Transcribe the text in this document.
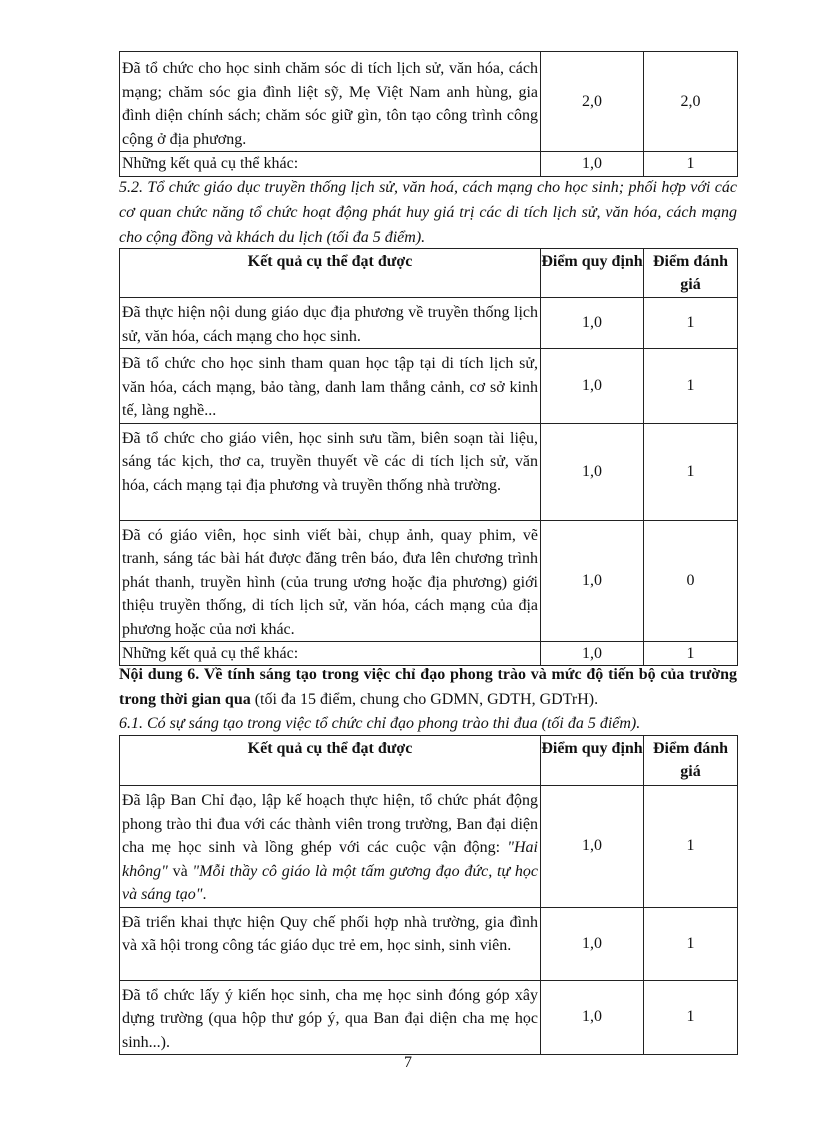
Đã tổ chức cho học sinh chăm sóc di tích lịch sử, văn hóa, cách mạng; chăm sóc gia đình liệt sỹ, Mẹ Việt Nam anh hùng, gia đình diện chính sách; chăm sóc giữ gìn, tôn tạo công trình công cộng ở địa phương.	2,0	2,0
Những kết quả cụ thể khác:	1,0	1
5.2. Tổ chức giáo dục truyền thống lịch sử, văn hoá, cách mạng cho học sinh; phối hợp với các cơ quan chức năng tổ chức hoạt động phát huy giá trị các di tích lịch sử, văn hóa, cách mạng cho cộng đồng và khách du lịch (tối đa 5 điểm).
Kết quả cụ thể đạt được	Điểm quy định	Điểm đánh giá
Đã thực hiện nội dung giáo dục địa phương về truyền thống lịch sử, văn hóa, cách mạng cho học sinh.	1,0	1
Đã tổ chức cho học sinh tham quan học tập tại di tích lịch sử, văn hóa, cách mạng, bảo tàng, danh lam thắng cảnh, cơ sở kinh tế, làng nghề...	1,0	1
Đã tổ chức cho giáo viên, học sinh sưu tầm, biên soạn tài liệu, sáng tác kịch, thơ ca, truyền thuyết về các di tích lịch sử, văn hóa, cách mạng tại địa phương và truyền thống nhà trường.	1,0	1
Đã có giáo viên, học sinh viết bài, chụp ảnh, quay phim, vẽ tranh, sáng tác bài hát được đăng trên báo, đưa lên chương trình phát thanh, truyền hình (của trung ương hoặc địa phương) giới thiệu truyền thống, di tích lịch sử, văn hóa, cách mạng của địa phương hoặc của nơi khác.	1,0	0
Những kết quả cụ thể khác:	1,0	1
Nội dung 6. Về tính sáng tạo trong việc chỉ đạo phong trào và mức độ tiến bộ của trường trong thời gian qua (tối đa 15 điểm, chung cho GDMN, GDTH, GDTrH).
6.1. Có sự sáng tạo trong việc tổ chức chỉ đạo phong trào thi đua (tối đa 5 điểm).
Kết quả cụ thể đạt được	Điểm quy định	Điểm đánh giá
Đã lập Ban Chỉ đạo, lập kế hoạch thực hiện, tổ chức phát động phong trào thi đua với các thành viên trong trường, Ban đại diện cha mẹ học sinh và lồng ghép với các cuộc vận động: "Hai không" và "Mỗi thầy cô giáo là một tấm gương đạo đức, tự học và sáng tạo".	1,0	1
Đã triển khai thực hiện Quy chế phối hợp nhà trường, gia đình và xã hội trong công tác giáo dục trẻ em, học sinh, sinh viên.	1,0	1
Đã tổ chức lấy ý kiến học sinh, cha mẹ học sinh đóng góp xây dựng trường (qua hộp thư góp ý, qua Ban đại diện cha mẹ học sinh...).	1,0	1
7
